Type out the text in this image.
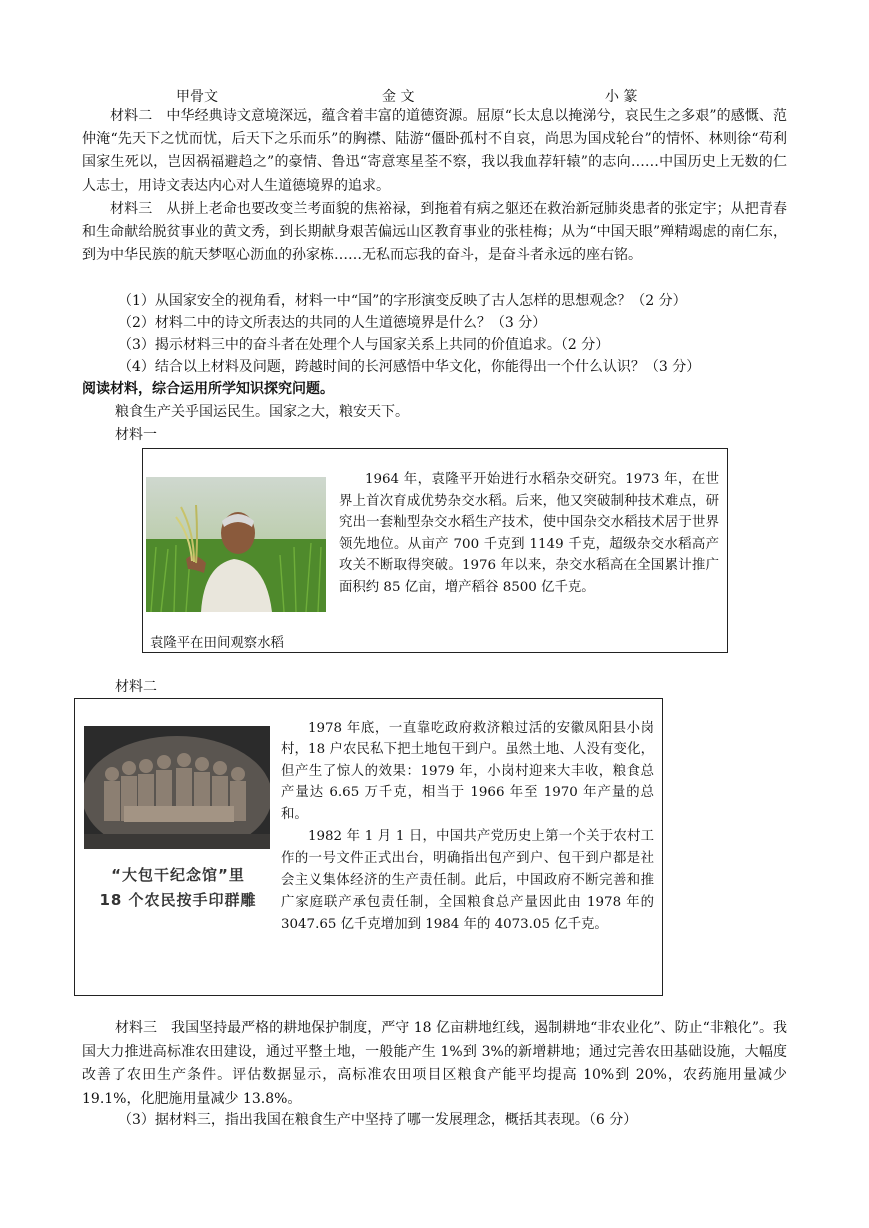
甲骨文	金 文	小 篆
材料二　中华经典诗文意境深远，蕴含着丰富的道德资源。屈原“长太息以掩涕兮，哀民生之多艰”的感慨、范仲淹“先天下之忧而忧，后天下之乐而乐”的胸襟、陆游“僵卧孤村不自哀，尚思为国戍轮台”的情怀、林则徐“苟利国家生死以，岂因祸福避趋之”的豪情、鲁迅“寄意寒星荃不察，我以我血荐轩辕”的志向……中国历史上无数的仁人志士，用诗文表达内心对人生道德境界的追求。
材料三　从拼上老命也要改变兰考面貌的焦裕禄，到拖着有病之躯还在救治新冠肺炎患者的张定宇；从把青春和生命献给脱贫事业的黄文秀，到长期献身艰苦偏远山区教育事业的张桂梅；从为“中国天眼”殚精竭虑的南仁东，到为中华民族的航天梦呕心沥血的孙家栋……无私而忘我的奋斗，是奋斗者永远的座右铭。
（1）从国家安全的视角看，材料一中“国”的字形演变反映了古人怎样的思想观念？（2 分）
（2）材料二中的诗文所表达的共同的人生道德境界是什么？（3 分）
（3）揭示材料三中的奋斗者在处理个人与国家关系上共同的价值追求。（2 分）
（4）结合以上材料及问题，跨越时间的长河感悟中华文化，你能得出一个什么认识？（3 分）
阅读材料，综合运用所学知识探究问题。
粮食生产关乎国运民生。国家之大，粮安天下。
材料一
1964 年，袁隆平开始进行水稻杂交研究。1973 年，在世界上首次育成优势杂交水稻。后来，他又突破制种技术难点，研究出一套籼型杂交水稻生产技术，使中国杂交水稻技术居于世界领先地位。从亩产 700 千克到 1149 千克，超级杂交水稻高产攻关不断取得突破。1976 年以来，杂交水稻高在全国累计推广面积约 85 亿亩，增产稻谷 8500 亿千克。
袁隆平在田间观察水稻
材料二
“大包干纪念馆”里
18 个农民按手印群雕
1978 年底，一直靠吃政府救济粮过活的安徽凤阳县小岗村，18 户农民私下把土地包干到户。虽然土地、人没有变化，但产生了惊人的效果：1979 年，小岗村迎来大丰收，粮食总产量达 6.65 万千克，相当于 1966 年至 1970 年产量的总和。
1982 年 1 月 1 日，中国共产党历史上第一个关于农村工作的一号文件正式出台，明确指出包产到户、包干到户都是社会主义集体经济的生产责任制。此后，中国政府不断完善和推广家庭联产承包责任制，全国粮食总产量因此由 1978 年的 3047.65 亿千克增加到 1984 年的 4073.05 亿千克。
材料三　我国坚持最严格的耕地保护制度，严守 18 亿亩耕地红线，遏制耕地“非农业化”、防止“非粮化”。我国大力推进高标准农田建设，通过平整土地，一般能产生 1%到 3%的新增耕地；通过完善农田基础设施，大幅度改善了农田生产条件。评估数据显示，高标准农田项目区粮食产能平均提高 10%到 20%，农药施用量减少 19.1%，化肥施用量减少 13.8%。
（3）据材料三，指出我国在粮食生产中坚持了哪一发展理念，概括其表现。（6 分）
